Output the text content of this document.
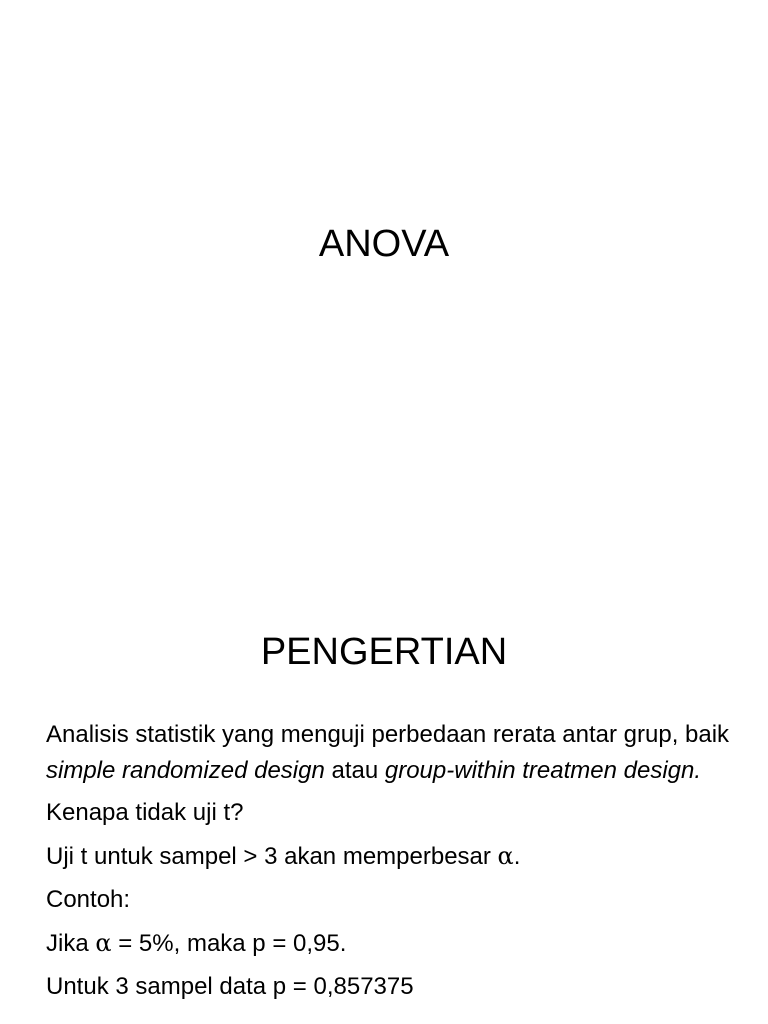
ANOVA
PENGERTIAN

Analisis statistik yang menguji perbedaan rerata antar grup, baik simple randomized design atau group-within treatmen design.

Kenapa tidak uji t?

Uji t untuk sampel > 3 akan memperbesar α.

Contoh:

Jika α = 5%, maka p = 0,95.

Untuk 3 sampel data p = 0,857375
